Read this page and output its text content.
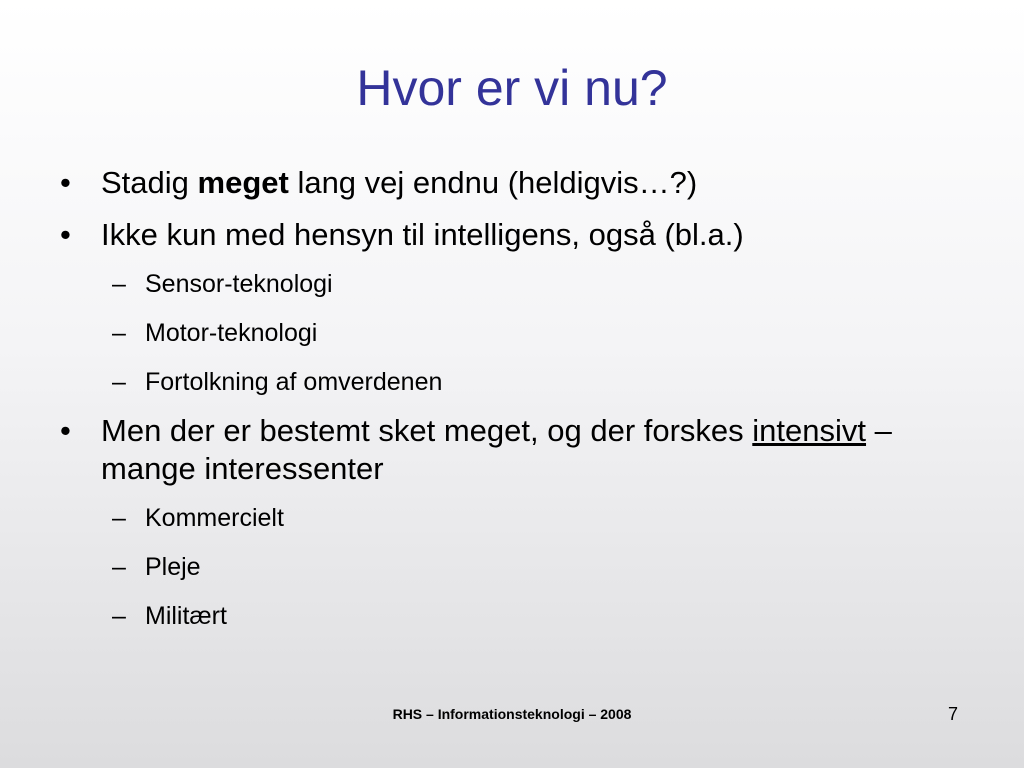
Hvor er vi nu?
• Stadig meget lang vej endnu (heldigvis…?)
• Ikke kun med hensyn til intelligens, også (bl.a.)
– Sensor-teknologi
– Motor-teknologi
– Fortolkning af omverdenen
• Men der er bestemt sket meget, og der forskes intensivt – mange interessenter
– Kommercielt
– Pleje
– Militært
RHS – Informationsteknologi – 2008	7
